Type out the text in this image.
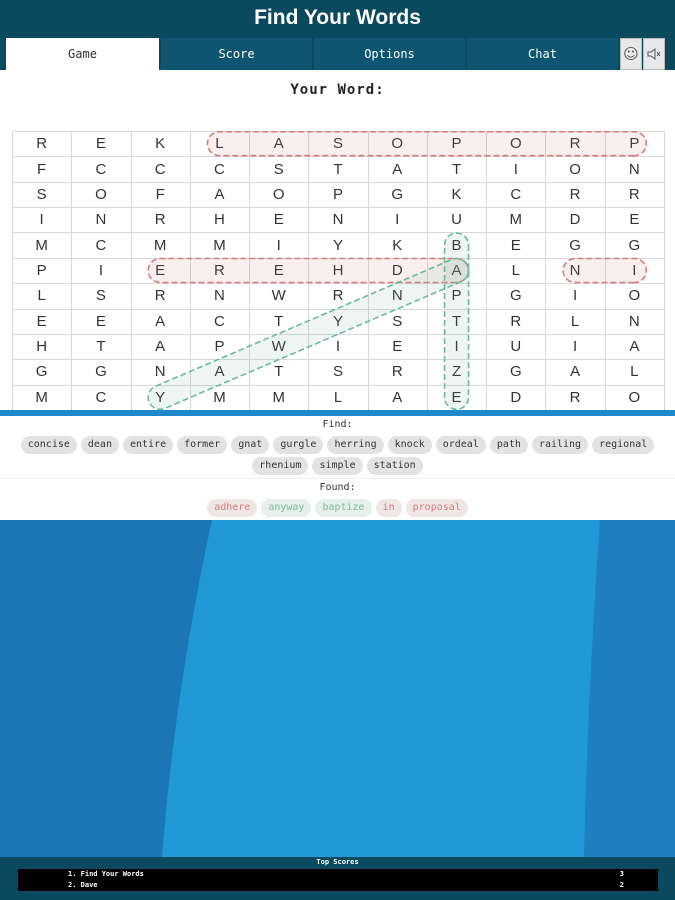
Find Your Words
Game	Score	Options	Chat	☺
Your Word:
R	E	K	L	A	S	O	P	O	R	P
F	C	C	C	S	T	A	T	I	O	N
S	O	F	A	O	P	G	K	C	R	R
I	N	R	H	E	N	I	U	M	D	E
M	C	M	M	I	Y	K	B	E	G	G
P	I	E	R	E	H	D	A	L	N	I
L	S	R	N	W	R	N	P	G	I	O
E	E	A	C	T	Y	S	T	R	L	N
H	T	A	P	W	I	E	I	U	I	A
G	G	N	A	T	S	R	Z	G	A	L
M	C	Y	M	M	L	A	E	D	R	O
Find:
concise	dean	entire	former	gnat	gurgle	herring	knock	ordeal	path	railing	regional
rhenium	simple	station
Found:
adhere	anyway	baptize	in	proposal
Top Scores
1. Find Your Words	3
2. Dave	2
